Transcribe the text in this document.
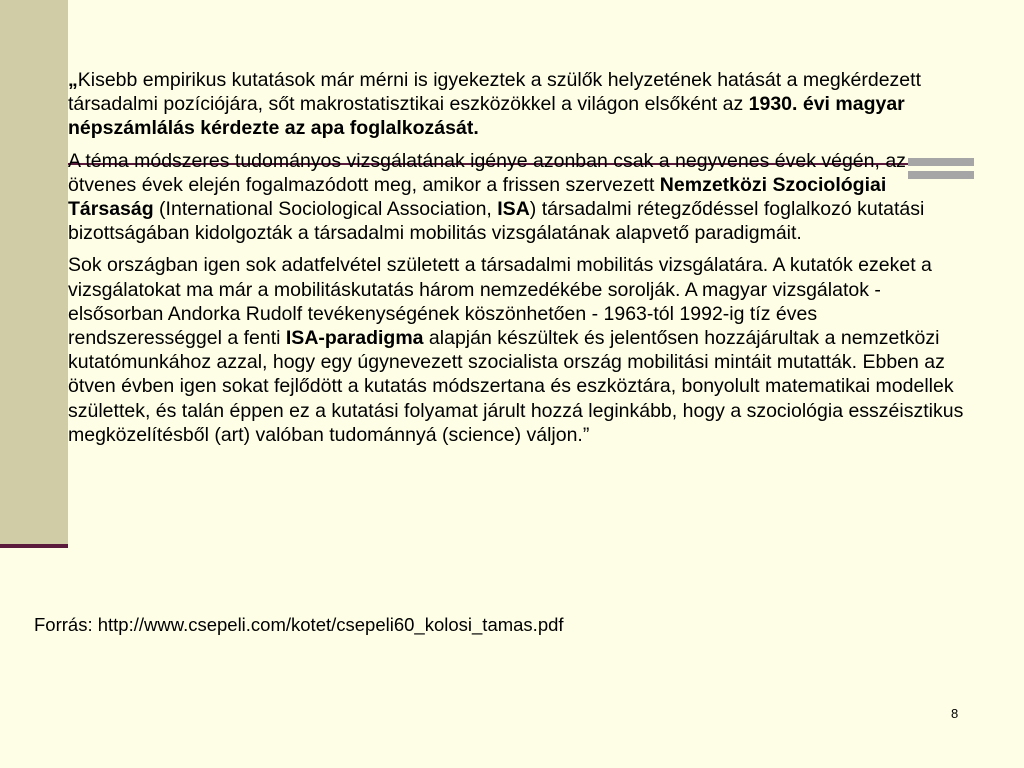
„Kisebb empirikus kutatások már mérni is igyekeztek a szülők helyzetének hatását a megkérdezett társadalmi pozíciójára, sőt makrostatisztikai eszközökkel a világon elsőként az 1930. évi magyar népszámlálás kérdezte az apa foglalkozását.

A téma módszeres tudományos vizsgálatának igénye azonban csak a negyvenes évek végén, az ötvenes évek elején fogalmazódott meg, amikor a frissen szervezett Nemzetközi Szociológiai Társaság (International Sociological Association, ISA) társadalmi rétegződéssel foglalkozó kutatási bizottságában kidolgozták a társadalmi mobilitás vizsgálatának alapvető paradigmáit.

Sok országban igen sok adatfelvétel született a társadalmi mobilitás vizsgálatára. A kutatók ezeket a vizsgálatokat ma már a mobilitáskutatás három nemzedékébe sorolják. A magyar vizsgálatok - elsősorban Andorka Rudolf tevékenységének köszönhetően - 1963-tól 1992-ig tíz éves rendszerességgel a fenti ISA-paradigma alapján készültek és jelentősen hozzájárultak a nemzetközi kutatómunkához azzal, hogy egy úgynevezett szocialista ország mobilitási mintáit mutatták. Ebben az ötven évben igen sokat fejlődött a kutatás módszertana és eszköztára, bonyolult matematikai modellek születtek, és talán éppen ez a kutatási folyamat járult hozzá leginkább, hogy a szociológia esszéisztikus megközelítésből (art) valóban tudománnyá (science) váljon.”

Forrás: http://www.csepeli.com/kotet/csepeli60_kolosi_tamas.pdf
8
